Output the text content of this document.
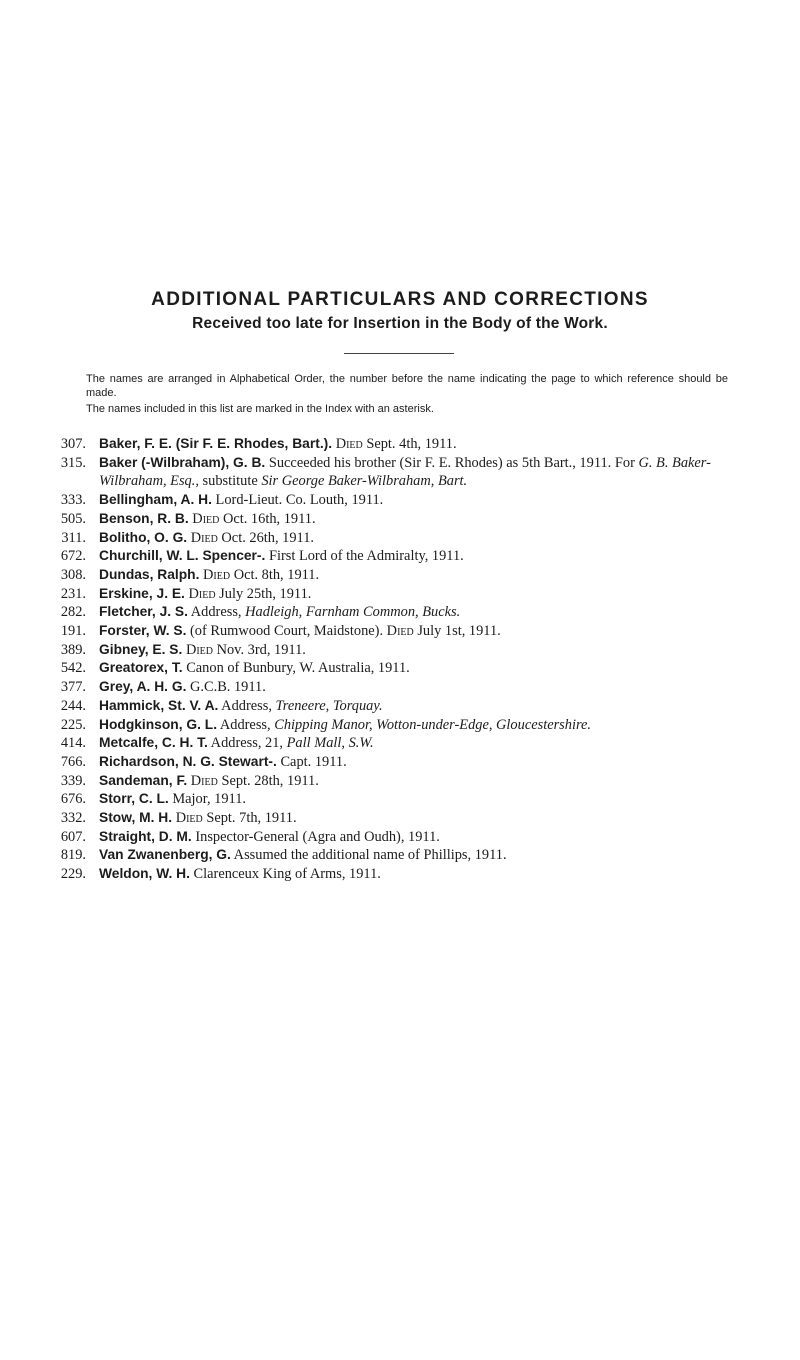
ADDITIONAL PARTICULARS AND CORRECTIONS
Received too late for Insertion in the Body of the Work.
The names are arranged in Alphabetical Order, the number before the name indicating the page to which reference should be made.
The names included in this list are marked in the Index with an asterisk.
307. Baker, F. E. (Sir F. E. Rhodes, Bart.). Died Sept. 4th, 1911.
315. Baker (-Wilbraham), G. B. Succeeded his brother (Sir F. E. Rhodes) as 5th Bart., 1911. For G. B. Baker-Wilbraham, Esq., substitute Sir George Baker-Wilbraham, Bart.
333. Bellingham, A. H. Lord-Lieut. Co. Louth, 1911.
505. Benson, R. B. Died Oct. 16th, 1911.
311. Bolitho, O. G. Died Oct. 26th, 1911.
672. Churchill, W. L. Spencer-. First Lord of the Admiralty, 1911.
308. Dundas, Ralph. Died Oct. 8th, 1911.
231. Erskine, J. E. Died July 25th, 1911.
282. Fletcher, J. S. Address, Hadleigh, Farnham Common, Bucks.
191. Forster, W. S. (of Rumwood Court, Maidstone). Died July 1st, 1911.
389. Gibney, E. S. Died Nov. 3rd, 1911.
542. Greatorex, T. Canon of Bunbury, W. Australia, 1911.
377. Grey, A. H. G. G.C.B. 1911.
244. Hammick, St. V. A. Address, Treneere, Torquay.
225. Hodgkinson, G. L. Address, Chipping Manor, Wotton-under-Edge, Gloucestershire.
414. Metcalfe, C. H. T. Address, 21, Pall Mall, S.W.
766. Richardson, N. G. Stewart-. Capt. 1911.
339. Sandeman, F. Died Sept. 28th, 1911.
676. Storr, C. L. Major, 1911.
332. Stow, M. H. Died Sept. 7th, 1911.
607. Straight, D. M. Inspector-General (Agra and Oudh), 1911.
819. Van Zwanenberg, G. Assumed the additional name of Phillips, 1911.
229. Weldon, W. H. Clarenceux King of Arms, 1911.
